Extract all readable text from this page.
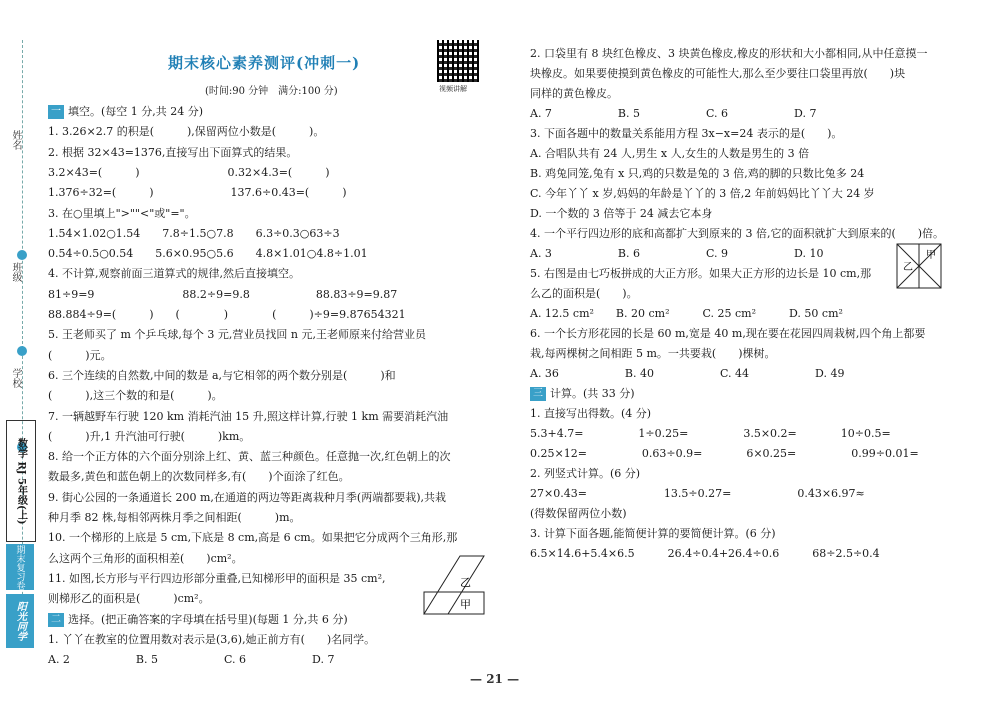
姓名
班级
学校
数学 RJ 5年级(上)
期末复习卷
阳光同学
期末核心素养测评(冲刺一)
(时间:90 分钟　满分:100 分)	视频讲解
一 填空。(每空 1 分,共 24 分)
1. 3.26×2.7 的积是(　　　),保留两位小数是(　　　)。
2. 根据 32×43=1376,直接写出下面算式的结果。
3.2×43=(　　　)　　　　　　　　0.32×4.3=(　　　)
1.376÷32=(　　　)　　　　　　　137.6÷0.43=(　　　)
3. 在○里填上">""<"或"="。
1.54×1.02○1.54　　7.8÷1.5○7.8　　6.3÷0.3○63÷3
0.54÷0.5○0.54　　5.6×0.95○5.6　　4.8×1.01○4.8÷1.01
4. 不计算,观察前面三道算式的规律,然后直接填空。
81÷9=9　　　　　　　　88.2÷9=9.8　　　　　　88.83÷9=9.87
88.884÷9=(　　　)　　(　　　　)　　　　(　　　)÷9=9.87654321
5. 王老师买了 m 个乒乓球,每个 3 元,营业员找回 n 元,王老师原来付给营业员
(　　　)元。
6. 三个连续的自然数,中间的数是 a,与它相邻的两个数分别是(　　　)和
(　　　),这三个数的和是(　　　)。
7. 一辆越野车行驶 120 km 消耗汽油 15 升,照这样计算,行驶 1 km 需要消耗汽油
(　　　)升,1 升汽油可行驶(　　　)km。
8. 给一个正方体的六个面分别涂上红、黄、蓝三种颜色。任意抛一次,红色朝上的次
数最多,黄色和蓝色朝上的次数同样多,有(　　)个面涂了红色。
9. 街心公园的一条通道长 200 m,在通道的两边等距离栽种月季(两端都要栽),共栽
种月季 82 株,每相邻两株月季之间相距(　　　)m。
10. 一个梯形的上底是 5 cm,下底是 8 cm,高是 6 cm。如果把它分成两个三角形,那
么这两个三角形的面积相差(　　)cm²。
11. 如图,长方形与平行四边形部分重叠,已知梯形甲的面积是 35 cm²,
则梯形乙的面积是(　　　)cm²。
二 选择。(把正确答案的字母填在括号里)(每题 1 分,共 6 分)
1. 丫丫在教室的位置用数对表示是(3,6),她正前方有(　　)名同学。
A. 2　　　　　　B. 5　　　　　　C. 6　　　　　　D. 7
2. 口袋里有 8 块红色橡皮、3 块黄色橡皮,橡皮的形状和大小都相同,从中任意摸一
块橡皮。如果要使摸到黄色橡皮的可能性大,那么至少要往口袋里再放(　　)块
同样的黄色橡皮。
A. 7　　　　　　B. 5　　　　　　C. 6　　　　　　D. 7
3. 下面各题中的数量关系能用方程 3x−x=24 表示的是(　　)。
A. 合唱队共有 24 人,男生 x 人,女生的人数是男生的 3 倍
B. 鸡兔同笼,兔有 x 只,鸡的只数是兔的 3 倍,鸡的脚的只数比兔多 24
C. 今年丫丫 x 岁,妈妈的年龄是丫丫的 3 倍,2 年前妈妈比丫丫大 24 岁
D. 一个数的 3 倍等于 24 减去它本身
4. 一个平行四边形的底和高都扩大到原来的 3 倍,它的面积就扩大到原来的(　　)倍。
A. 3　　　　　　B. 6　　　　　　C. 9　　　　　　D. 10
5. 右图是由七巧板拼成的大正方形。如果大正方形的边长是 10 cm,那
么乙的面积是(　　)。
A. 12.5 cm²　　B. 20 cm²　　　C. 25 cm²　　　D. 50 cm²
6. 一个长方形花园的长是 60 m,宽是 40 m,现在要在花园四周栽树,四个角上都要
栽,每两棵树之间相距 5 m。一共要栽(　　)棵树。
A. 36　　　　　　B. 40　　　　　　C. 44　　　　　　D. 49
三 计算。(共 33 分)
1. 直接写出得数。(4 分)
5.3+4.7=　　　　　1÷0.25=　　　　　3.5×0.2=　　　　10÷0.5=
0.25×12=　　　　　0.63÷0.9=　　　　6×0.25=　　　　　0.99÷0.01=
2. 列竖式计算。(6 分)
27×0.43=　　　　　　　13.5÷0.27=　　　　　　0.43×6.97≈
(得数保留两位小数)
3. 计算下面各题,能简便计算的要简便计算。(6 分)
6.5×14.6+5.4×6.5　　　26.4÷0.4+26.4÷0.6　　　68÷2.5÷0.4
乙
甲
乙
甲
— 21 —
